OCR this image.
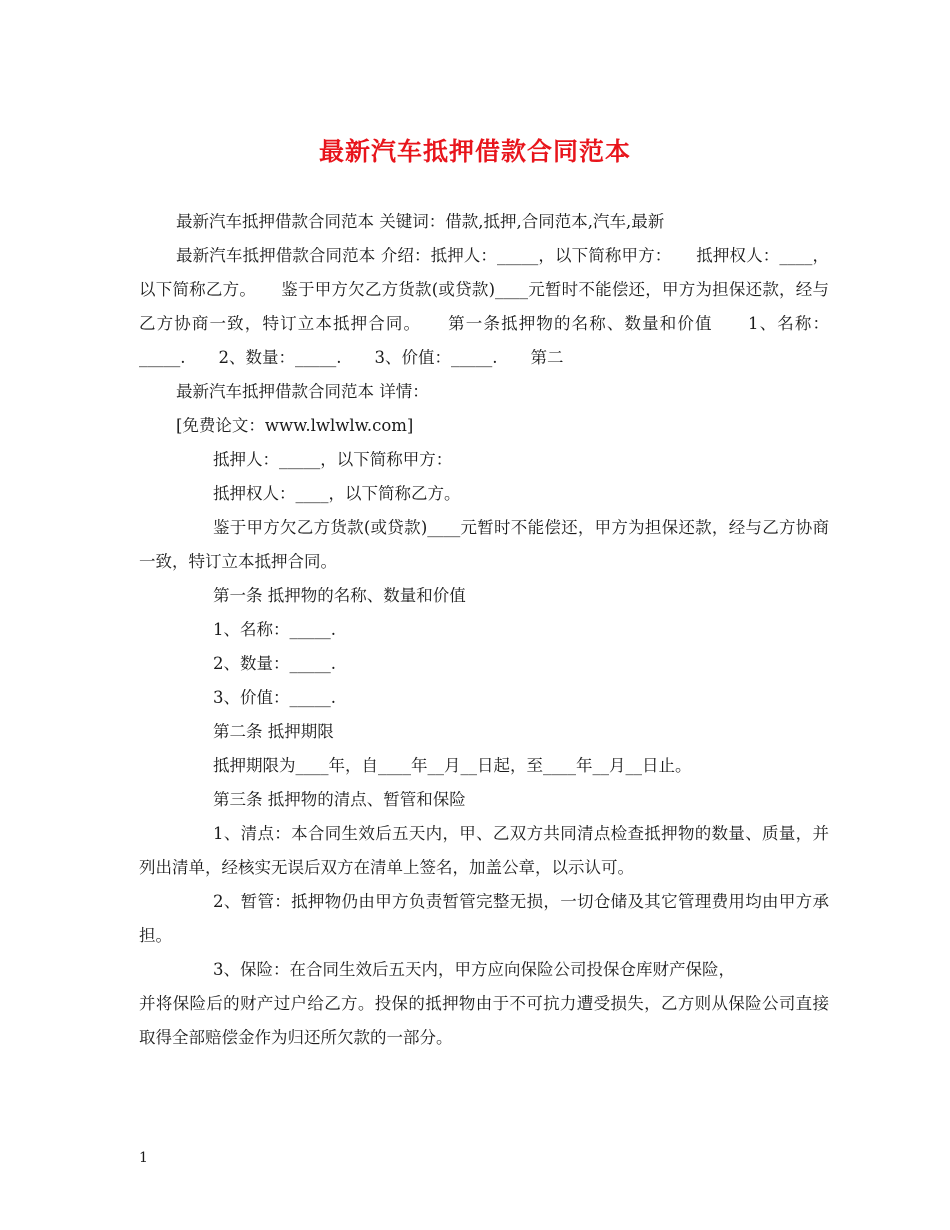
最新汽车抵押借款合同范本

最新汽车抵押借款合同范本 关键词：借款,抵押,合同范本,汽车,最新

最新汽车抵押借款合同范本 介绍：抵押人：_____，以下简称甲方：　　抵押权人：____，以下简称乙方。　　鉴于甲方欠乙方货款(或贷款)____元暂时不能偿还，甲方为担保还款，经与乙方协商一致，特订立本抵押合同。　　第一条抵押物的名称、数量和价值　　1、名称：_____.　　2、数量：_____.　　3、价值：_____.　　第二

最新汽车抵押借款合同范本 详情：

[免费论文：www.lwlwlw.com]

抵押人：_____，以下简称甲方：

抵押权人：____，以下简称乙方。

鉴于甲方欠乙方货款(或贷款)____元暂时不能偿还，甲方为担保还款，经与乙方协商一致，特订立本抵押合同。

第一条 抵押物的名称、数量和价值

1、名称：_____.

2、数量：_____.

3、价值：_____.

第二条 抵押期限

抵押期限为____年，自____年__月__日起，至____年__月__日止。

第三条 抵押物的清点、暂管和保险

1、清点：本合同生效后五天内，甲、乙双方共同清点检查抵押物的数量、质量，并列出清单，经核实无误后双方在清单上签名，加盖公章，以示认可。

2、暂管：抵押物仍由甲方负责暂管完整无损，一切仓储及其它管理费用均由甲方承担。

3、保险：在合同生效后五天内，甲方应向保险公司投保仓库财产保险，

并将保险后的财产过户给乙方。投保的抵押物由于不可抗力遭受损失，乙方则从保险公司直接取得全部赔偿金作为归还所欠款的一部分。

1
